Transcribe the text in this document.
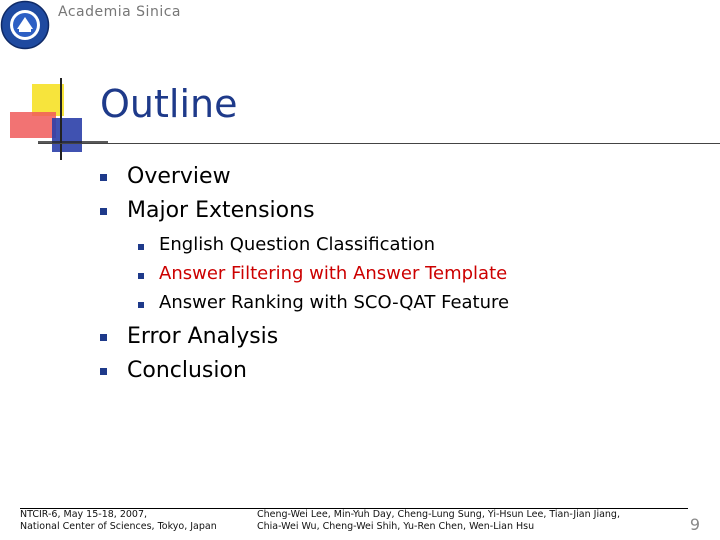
Academia Sinica
Outline
Overview
Major Extensions
English Question Classification
Answer Filtering with Answer Template
Answer Ranking with SCO-QAT Feature
Error Analysis
Conclusion
NTCIR-6, May 15-18, 2007,
National Center of Sciences, Tokyo, Japan
Cheng-Wei Lee, Min-Yuh Day, Cheng-Lung Sung, Yi-Hsun Lee, Tian-Jian Jiang,
Chia-Wei Wu, Cheng-Wei Shih, Yu-Ren Chen, Wen-Lian Hsu	9
